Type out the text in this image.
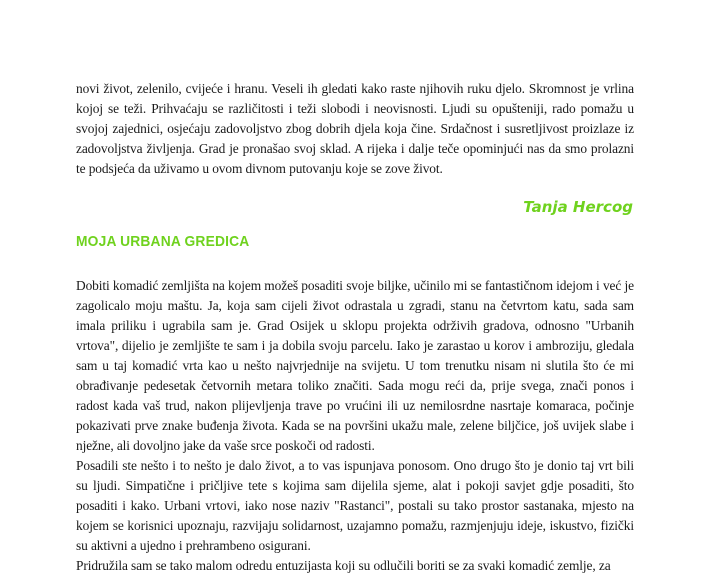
novi život, zelenilo, cvijeće i hranu. Veseli ih gledati kako raste njihovih ruku djelo. Skromnost je vrlina kojoj se teži. Prihvaćaju se različitosti i teži slobodi i neovisnosti. Ljudi su opušteniji, rado pomažu u svojoj zajednici, osjećaju zadovoljstvo zbog dobrih djela koja čine. Srdačnost i susretljivost proizlaze iz zadovoljstva življenja. Grad je pronašao svoj sklad. A rijeka i dalje teče opominjući nas da smo prolazni te podsjeća da uživamo u ovom divnom putovanju koje se zove život.

Tanja Hercog

MOJA URBANA GREDICA

Dobiti komadić zemljišta na kojem možeš posaditi svoje biljke, učinilo mi se fantastičnom idejom i već je zagolicalo moju maštu. Ja, koja sam cijeli život odrastala u zgradi, stanu na četvrtom katu, sada sam imala priliku i ugrabila sam je. Grad Osijek u sklopu projekta održivih gradova, odnosno "Urbanih vrtova", dijelio je zemljište te sam i ja dobila svoju parcelu. Iako je zarastao u korov i ambroziju, gledala sam u taj komadić vrta kao u nešto najvrjednije na svijetu. U tom trenutku nisam ni slutila što će mi obrađivanje pedesetak četvornih metara toliko značiti. Sada mogu reći da, prije svega, znači ponos i radost kada vaš trud, nakon plijevljenja trave po vrućini ili uz nemilosrdne nasrtaje komaraca, počinje pokazivati prve znake buđenja života. Kada se na površini ukažu male, zelene biljčice, još uvijek slabe i nježne, ali dovoljno jake da vaše srce poskoči od radosti.

Posadili ste nešto i to nešto je dalo život, a to vas ispunjava ponosom. Ono drugo što je donio taj vrt bili su ljudi. Simpatične i pričljive tete s kojima sam dijelila sjeme, alat i pokoji savjet gdje posaditi, što posaditi i kako. Urbani vrtovi, iako nose naziv "Rastanci", postali su tako prostor sastanaka, mjesto na kojem se korisnici upoznaju, razvijaju solidarnost, uzajamno pomažu, razmjenjuju ideje, iskustvo, fizički su aktivni a ujedno i prehrambeno osigurani.

Pridružila sam se tako malom odredu entuzijasta koji su odlučili boriti se za svaki komadić zemlje, za
